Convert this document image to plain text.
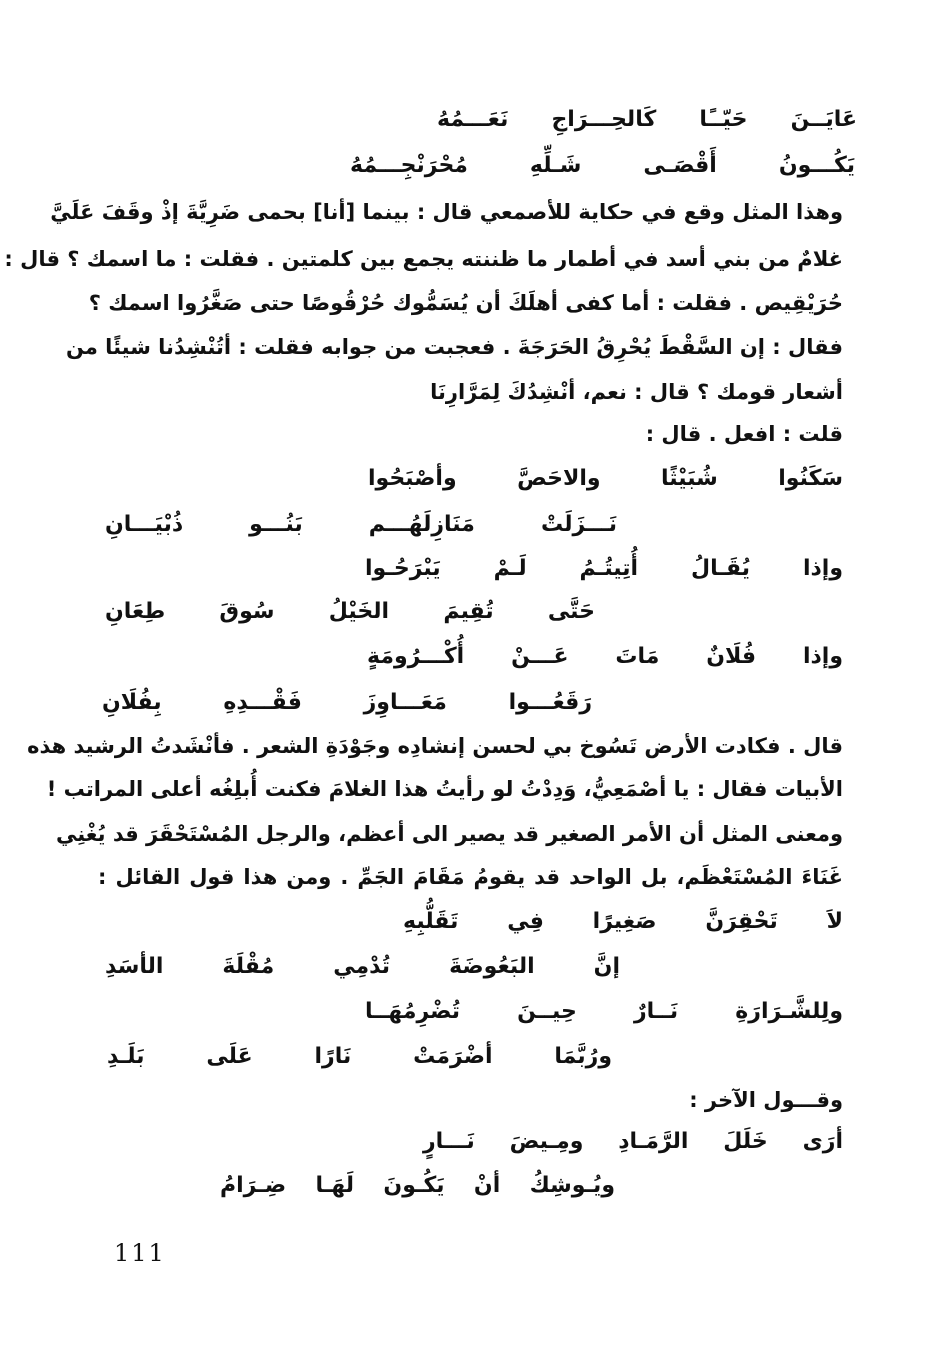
عَايَــنَ حَيّــًا كَالحِـــرَاجِ نَعَـــمُهُ
يَكُـــونُ أَقْصَـى شَـلِّهِ مُحْرَنْجِـــمُهُ
وهذا المثل وقع في حكاية للأصمعي قال : بينما [أنا] بحمى ضَرِيَّةَ إذْ وقَفَ عَلَيَّ
غلامٌ من بني أسد في أطمار ما ظننته يجمع بين كلمتين . فقلت : ما اسمك ؟ قال :
حُرَيْقِيص . فقلت : أما كفى أهلَكَ أن يُسَمُّوك حُرْقُوصًا حتى صَغَّرُوا اسمك ؟
فقال : إن السَّقْطَ يُحْرِقُ الحَرَجَةَ . فعجبت من جوابه فقلت : أتُنْشِدُنا شيئًا من
أشعار قومك ؟ قال : نعم، أنْشِدُكَ لِمَرَّارِنَا
قلت : افعل . قال :
سَكَنُوا شُبَيْثًا والاحَصَّ وأصْبَحُوا
نَـــزَلَتْ مَنَازِلَهُـــم بَنُـــو ذُبْيَـــانِ
وإذا يُقَـالُ أُتِيتُـمُ لَـمْ يَبْرَحُـوا
حَتَّى تُقِيمَ الخَيْلُ سُوقَ طِعَانِ
وإذا فُلَانٌ مَاتَ عَـــنْ أُكْـــرُومَةٍ
رَقَعُـــوا مَعَـــاوِزَ فَقْـــدِهِ بِفُلَانِ
قال . فكادت الأرض تَسُوخ بي لحسن إنشادِه وجَوْدَةِ الشعر . فأنْشَدتُ الرشيد هذه
الأبيات فقال : يا أصْمَعِيُّ، وَدِدْتُ لو رأيتُ هذا الغلامَ فكنت أُبلِغُه أعلى المراتب !
ومعنى المثل أن الأمر الصغير قد يصير الى أعظم، والرجل المُسْتَحْقَرَ قد يُغْنِي
غَنَاءَ المُسْتَعْظَم، بل الواحد قد يقومُ مَقَامَ الجَمِّ . ومن هذا قول القائل :
لاَ تَحْقِرَنَّ صَغِيرًا فِي تَقَلُّبِهِ
إنَّ البَعُوضَةَ تُدْمِي مُقْلَةَ الأسَدِ
ولِلشَّـرَارَةِ نَــارٌ حِيــنَ تُضْرِمُهَــا
ورُبَّمَا أضْرَمَتْ نَارًا عَلَى بَلَـدِ
وقـــول الآخر :
أرَى خَلَلَ الرَّمَـادِ ومِـيضَ نَـــارٍ
ويُـوشِكُ أنْ يَكُـونَ لَهَـا ضِـرَامُ
111
